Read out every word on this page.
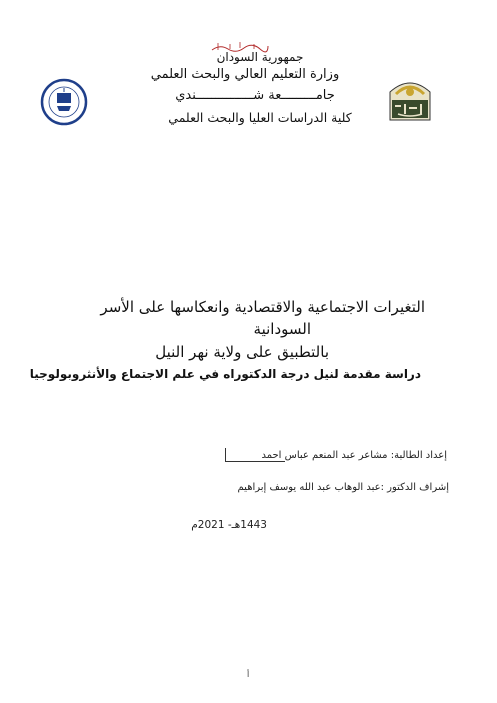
جمهورية السودان
وزارة التعليم العالي والبحث العلمي
جامـــــــــعة شـــــــــــــــندي
كلية الدراسات العليا والبحث العلمي
التغيرات الاجتماعية والاقتصادية وانعكاسها على الأسر
السودانية
بالتطبيق على ولاية نهر النيل
دراسة مقدمة لنيل درجة الدكتوراه في علم الاجتماع والأنثروبولوجيا
إعداد الطالبة: مشاعر عبد المنعم عباس احمد
إشراف الدكتور :عبد الوهاب عبد الله يوسف إبراهيم
1443هـ- 2021م
أ
